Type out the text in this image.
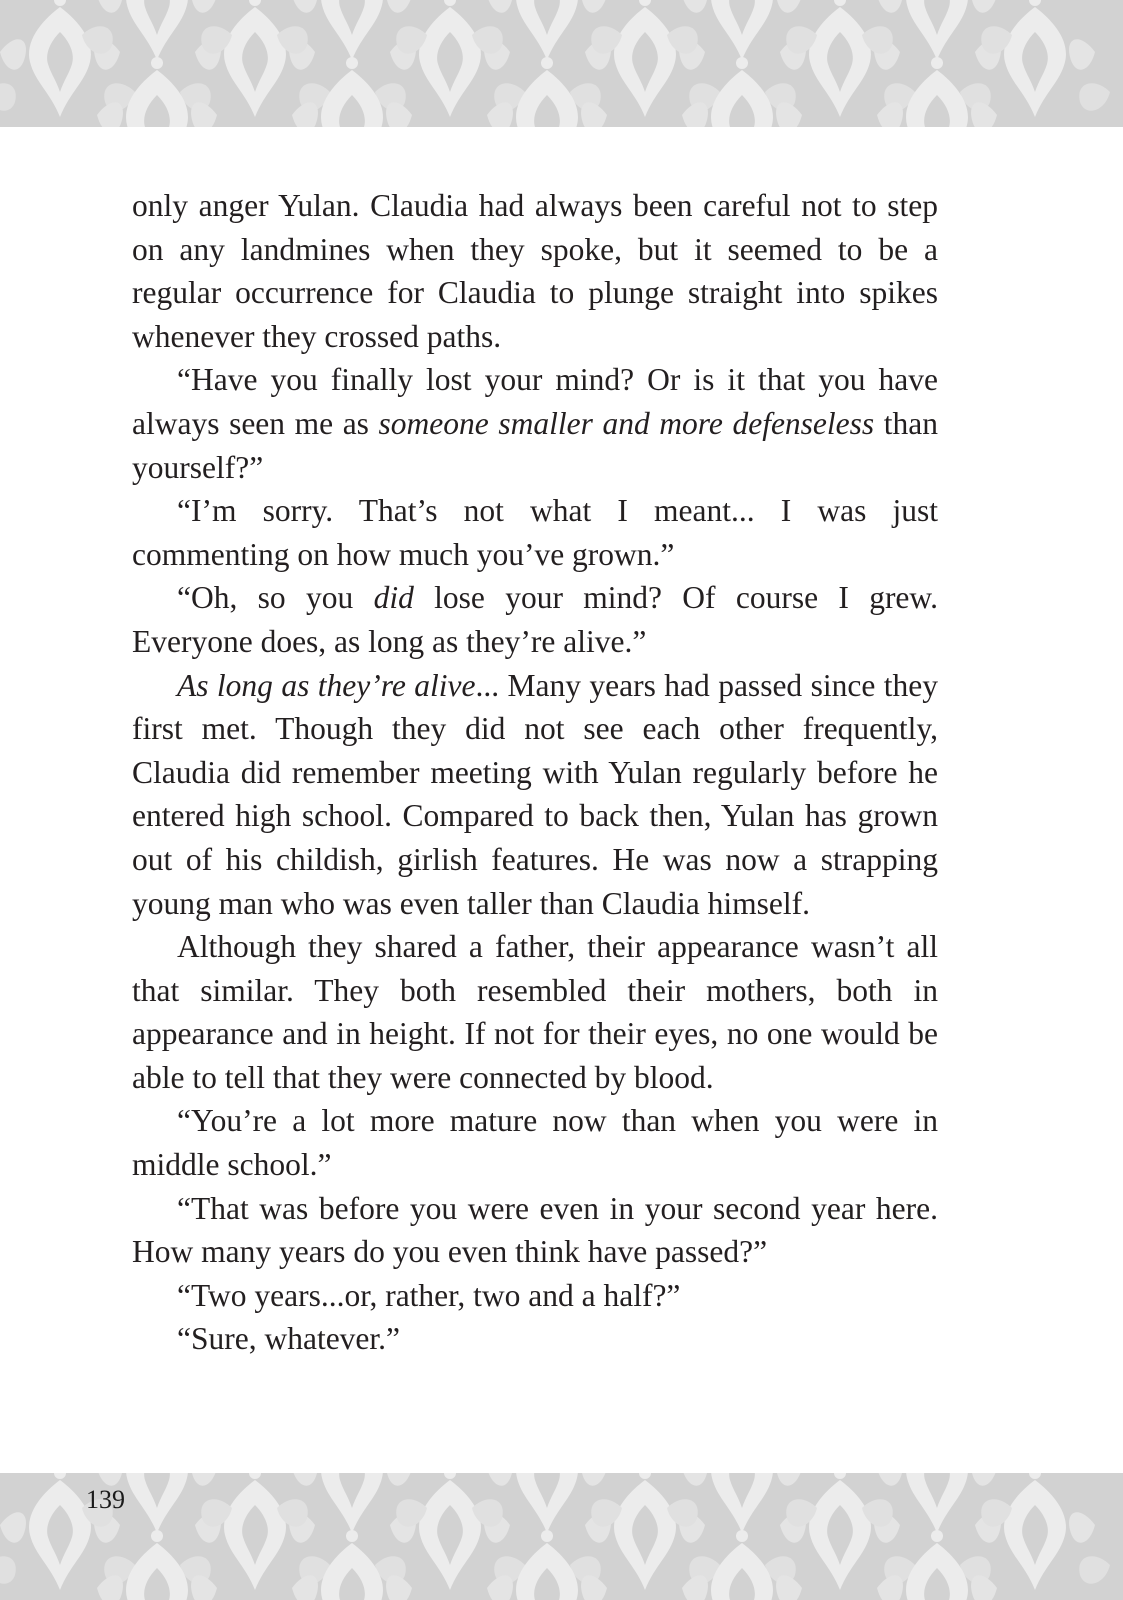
only anger Yulan. Claudia had always been careful not to step on any landmines when they spoke, but it seemed to be a regular occurrence for Claudia to plunge straight into spikes whenever they crossed paths.

“Have you finally lost your mind? Or is it that you have always seen me as someone smaller and more defenseless than yourself?”

“I’m sorry. That’s not what I meant... I was just commenting on how much you’ve grown.”

“Oh, so you did lose your mind? Of course I grew. Everyone does, as long as they’re alive.”

As long as they’re alive... Many years had passed since they first met. Though they did not see each other frequently, Claudia did remember meeting with Yulan regularly before he entered high school. Compared to back then, Yulan has grown out of his childish, girlish features. He was now a strapping young man who was even taller than Claudia himself.

Although they shared a father, their appearance wasn’t all that similar. They both resembled their mothers, both in appearance and in height. If not for their eyes, no one would be able to tell that they were connected by blood.

“You’re a lot more mature now than when you were in middle school.”

“That was before you were even in your second year here. How many years do you even think have passed?”

“Two years...or, rather, two and a half?”

“Sure, whatever.”

139
